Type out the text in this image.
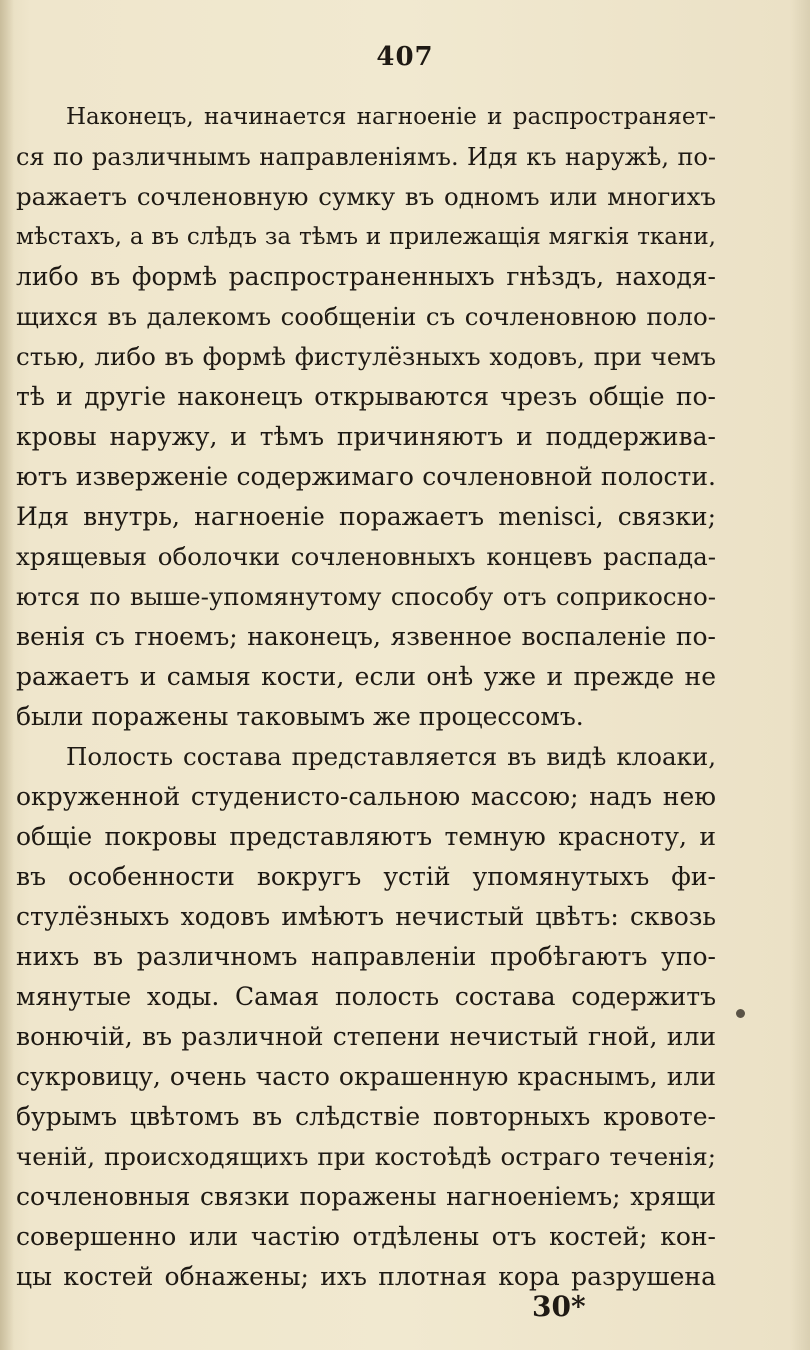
407
Наконецъ, начинается нагноеніе и распространяет-
ся по различнымъ направленіямъ. Идя къ наружѣ, по-
ражаетъ сочленовную сумку въ одномъ или многихъ
мѣстахъ, а въ слѣдъ за тѣмъ и прилежащія мягкія ткани,
либо въ формѣ распространенныхъ гнѣздъ, находя-
щихся въ далекомъ сообщеніи съ сочленовною поло-
стью, либо въ формѣ фистулёзныхъ ходовъ, при чемъ
тѣ и другіе наконецъ открываются чрезъ общіе по-
кровы наружу, и тѣмъ причиняютъ и поддержива-
ютъ изверженіе содержимаго сочленовной полости.
Идя внутрь, нагноеніе поражаетъ menisci, связки;
хрящевыя оболочки сочленовныхъ концевъ распада-
ются по выше-упомянутому способу отъ соприкосно-
венія съ гноемъ; наконецъ, язвенное воспаленіе по-
ражаетъ и самыя кости, если онѣ уже и прежде не
были поражены таковымъ же процессомъ.
Полость состава представляется въ видѣ клоаки,
окруженной студенисто-сальною массою; надъ нею
общіе покровы представляютъ темную красноту, и
въ особенности вокругъ устій упомянутыхъ фи-
стулёзныхъ ходовъ имѣютъ нечистый цвѣтъ: сквозь
нихъ въ различномъ направленіи пробѣгаютъ упо-
мянутые ходы. Самая полость состава содержитъ
вонючій, въ различной степени нечистый гной, или
сукровицу, очень часто окрашенную краснымъ, или
бурымъ цвѣтомъ въ слѣдствіе повторныхъ кровоте-
ченій, происходящихъ при костоѣдѣ остраго теченія;
сочленовныя связки поражены нагноеніемъ; хрящи
совершенно или частію отдѣлены отъ костей; кон-
цы костей обнажены; ихъ плотная кора разрушена
30*
